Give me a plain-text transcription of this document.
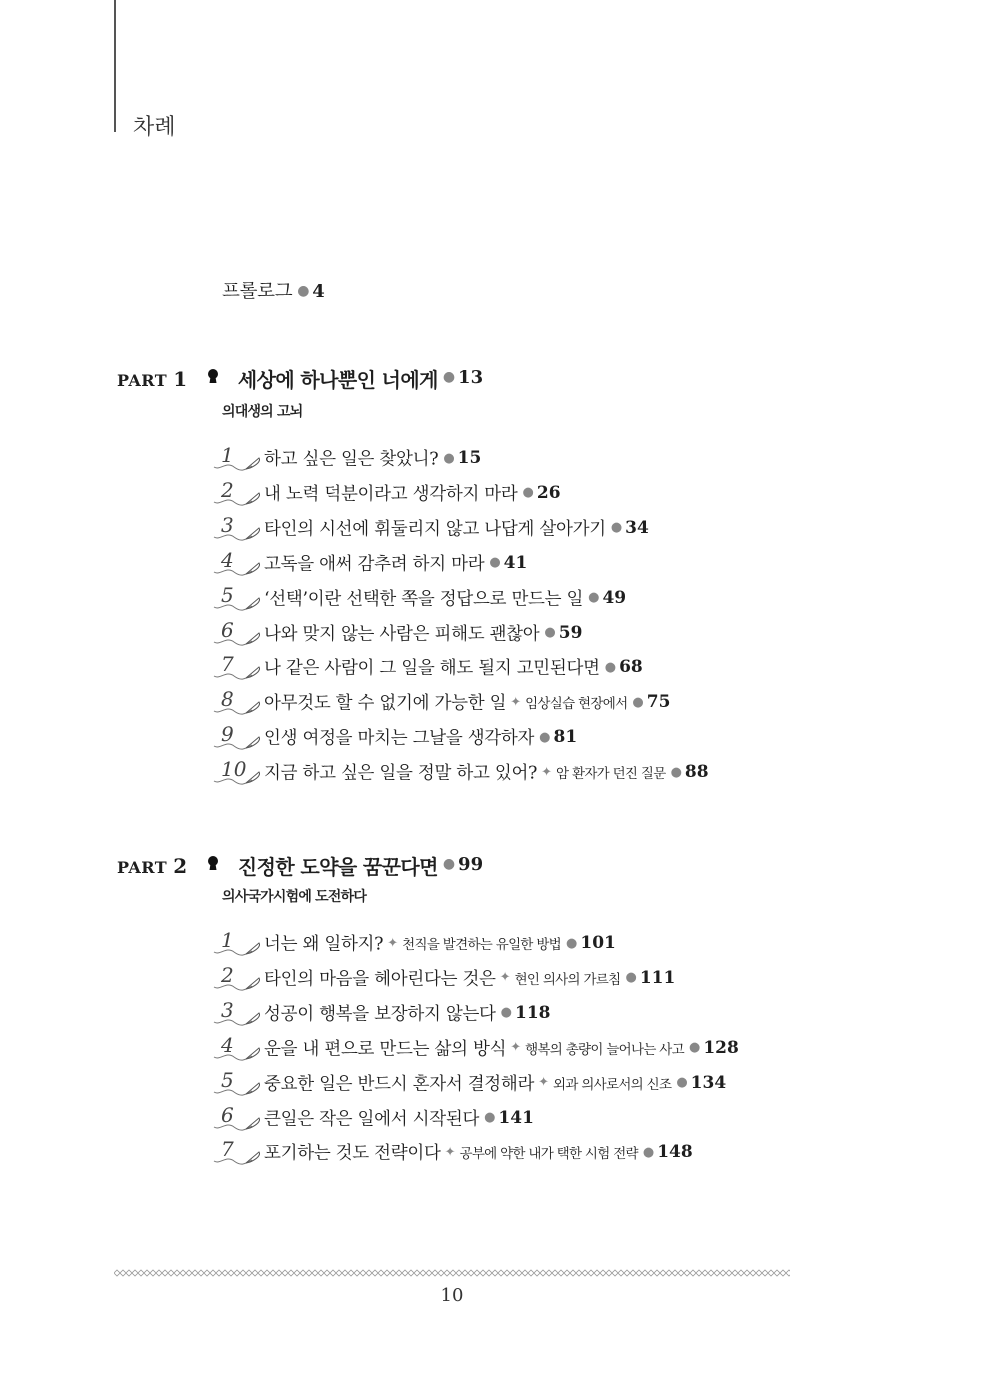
차례
프롤로그 ● 4
PART 1	세상에 하나뿐인 너에게 ● 13
의대생의 고뇌
1 하고 싶은 일은 찾았니? ● 15
2 내 노력 덕분이라고 생각하지 마라 ● 26
3 타인의 시선에 휘둘리지 않고 나답게 살아가기 ● 34
4 고독을 애써 감추려 하지 마라 ● 41
5 ‘선택’이란 선택한 쪽을 정답으로 만드는 일 ● 49
6 나와 맞지 않는 사람은 피해도 괜찮아 ● 59
7 나 같은 사람이 그 일을 해도 될지 고민된다면 ● 68
8 아무것도 할 수 없기에 가능한 일 ✦ 임상실습 현장에서 ● 75
9 인생 여정을 마치는 그날을 생각하자 ● 81
10 지금 하고 싶은 일을 정말 하고 있어? ✦ 암 환자가 던진 질문 ● 88
PART 2	진정한 도약을 꿈꾼다면 ● 99
의사국가시험에 도전하다
1 너는 왜 일하지? ✦ 천직을 발견하는 유일한 방법 ● 101
2 타인의 마음을 헤아린다는 것은 ✦ 현인 의사의 가르침 ● 111
3 성공이 행복을 보장하지 않는다 ● 118
4 운을 내 편으로 만드는 삶의 방식 ✦ 행복의 총량이 늘어나는 사고 ● 128
5 중요한 일은 반드시 혼자서 결정해라 ✦ 외과 의사로서의 신조 ● 134
6 큰일은 작은 일에서 시작된다 ● 141
7 포기하는 것도 전략이다 ✦ 공부에 약한 내가 택한 시험 전략 ● 148
10
